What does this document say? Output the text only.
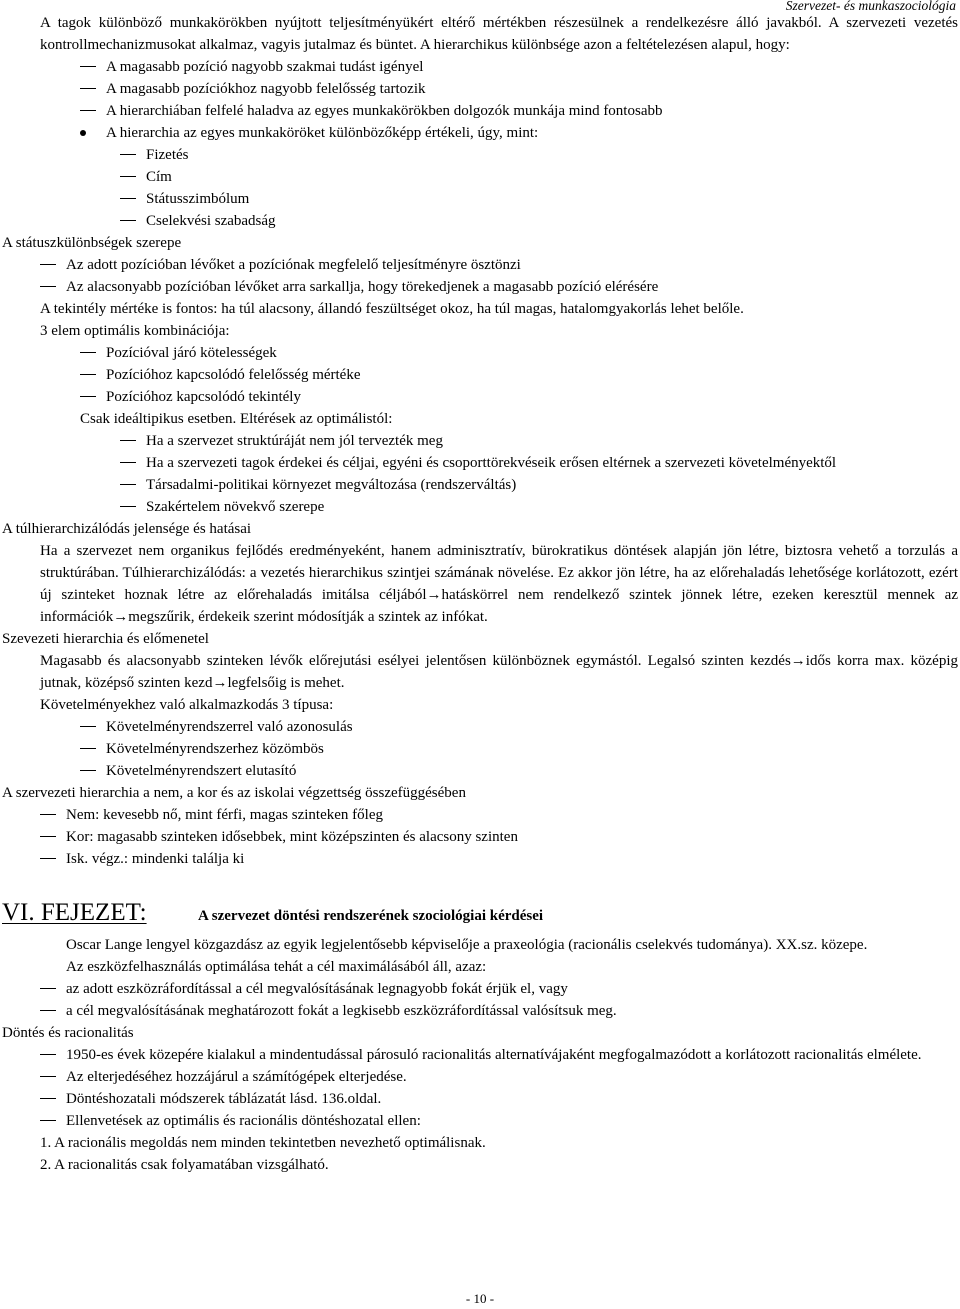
Szervezet- és munkaszociológia

A tagok különböző munkakörökben nyújtott teljesítményükért eltérő mértékben részesülnek a rendelkezésre álló javakból. A szervezeti vezetés kontrollmechanizmusokat alkalmaz, vagyis jutalmaz és büntet. A hierarchikus különbsége azon a feltételezésen alapul, hogy:

A magasabb pozíció nagyobb szakmai tudást igényel

A magasabb pozíciókhoz nagyobb felelősség tartozik

A hierarchiában felfelé haladva az egyes munkakörökben dolgozók munkája mind fontosabb

A hierarchia az egyes munkaköröket különbözőképp értékeli, úgy, mint:

Fizetés

Cím

Státusszimbólum

Cselekvési szabadság

A státuszkülönbségek szerepe

Az adott pozícióban lévőket a pozíciónak megfelelő teljesítményre ösztönzi

Az alacsonyabb pozícióban lévőket arra sarkallja, hogy törekedjenek a magasabb pozíció elérésére

A tekintély mértéke is fontos: ha túl alacsony, állandó feszültséget okoz, ha túl magas, hatalomgyakorlás lehet belőle.

3 elem optimális kombinációja:

Pozícióval járó kötelességek

Pozícióhoz kapcsolódó felelősség mértéke

Pozícióhoz kapcsolódó tekintély

Csak ideáltipikus esetben. Eltérések az optimálistól:

Ha a szervezet struktúráját nem jól tervezték meg

Ha a szervezeti tagok érdekei és céljai, egyéni és csoporttörekvéseik erősen eltérnek a szervezeti követelményektől

Társadalmi-politikai környezet megváltozása (rendszerváltás)

Szakértelem növekvő szerepe

A túlhierarchizálódás jelensége és hatásai

Ha a szervezet nem organikus fejlődés eredményeként, hanem adminisztratív, bürokratikus döntések alapján jön létre, biztosra vehető a torzulás a struktúrában. Túlhierarchizálódás: a vezetés hierarchikus szintjei számának növelése. Ez akkor jön létre, ha az előrehaladás lehetősége korlátozott, ezért új szinteket hoznak létre az előrehaladás imitálsa céljából→hatáskörrel nem rendelkező szintek jönnek létre, ezeken keresztül mennek az információk→megszűrik, érdekeik szerint módosítják a szintek az infókat.

Szevezeti hierarchia és előmenetel

Magasabb és alacsonyabb szinteken lévők előrejutási esélyei jelentősen különböznek egymástól. Legalsó szinten kezdés→idős korra max. középig jutnak, középső szinten kezd→legfelsőig is mehet.

Követelményekhez való alkalmazkodás 3 típusa:

Követelményrendszerrel való azonosulás

Követelményrendszerhez közömbös

Követelményrendszert elutasító

A szervezeti hierarchia a nem, a kor és az iskolai végzettség összefüggésében

Nem: kevesebb nő, mint férfi, magas szinteken főleg

Kor: magasabb szinteken idősebbek, mint középszinten és alacsony szinten

Isk. végz.: mindenki találja ki

VI. FEJEZET:	A szervezet döntési rendszerének szociológiai kérdései

Oscar Lange lengyel közgazdász az egyik legjelentősebb képviselője a praxeológia (racionális cselekvés tudománya). XX.sz. közepe.

Az eszközfelhasználás optimálása tehát a cél maximálásából áll, azaz:

az adott eszközráfordítással a cél megvalósításának legnagyobb fokát érjük el, vagy

a cél megvalósításának meghatározott fokát a legkisebb eszközráfordítással valósítsuk meg.

Döntés és racionalitás

1950-es évek közepére kialakul a mindentudással párosuló racionalitás alternatívájaként megfogalmazódott a korlátozott racionalitás elmélete.

Az elterjedéséhez hozzájárul a számítógépek elterjedése.

Döntéshozatali módszerek táblázatát lásd. 136.oldal.

Ellenvetések az optimális és racionális döntéshozatal ellen:

1. A racionális megoldás nem minden tekintetben nevezhető optimálisnak.

2. A racionalitás csak folyamatában vizsgálható.

- 10 -
